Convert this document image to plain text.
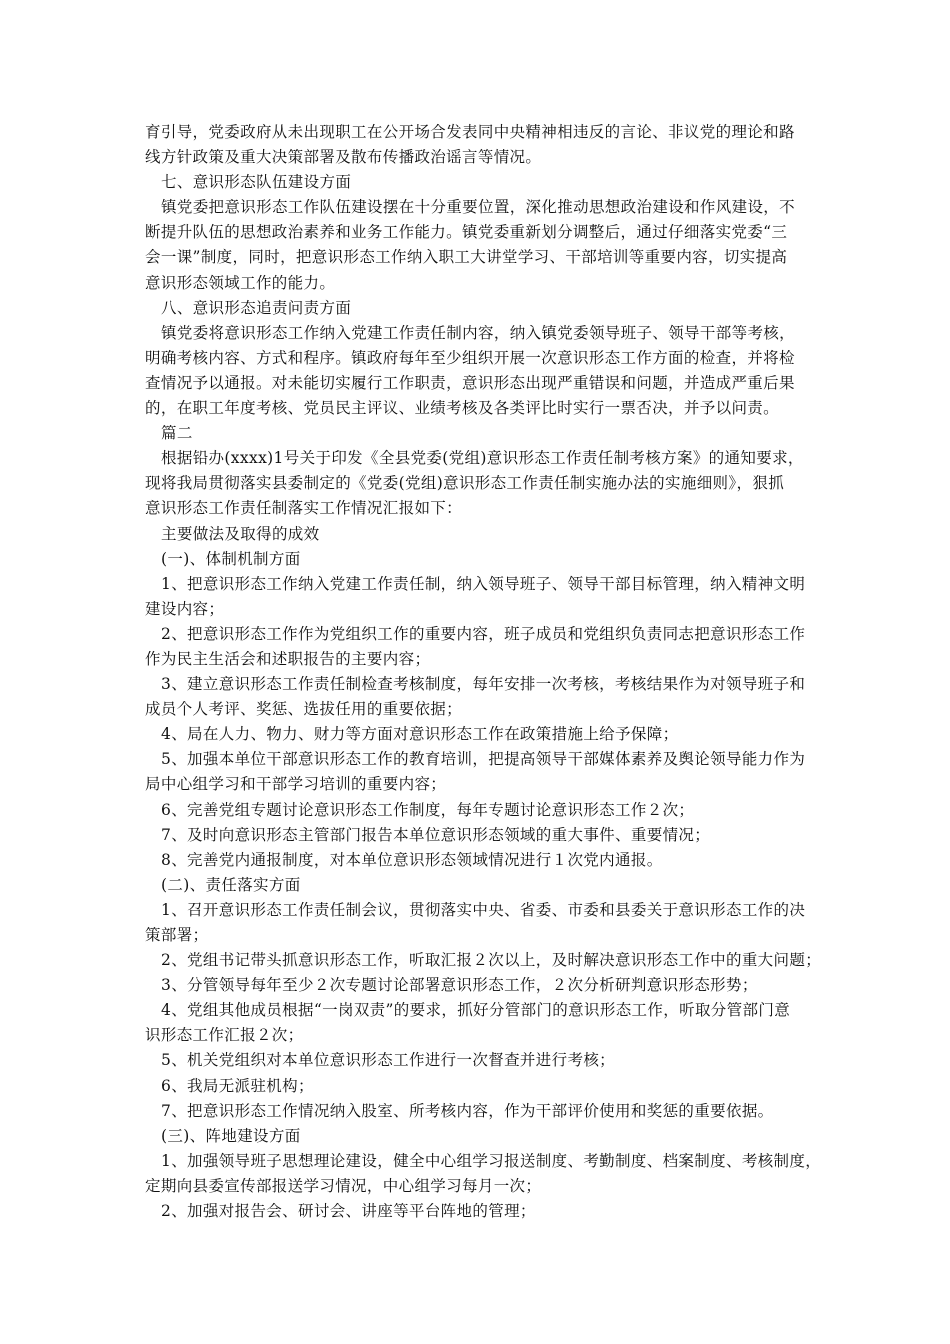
育引导，党委政府从未出现职工在公开场合发表同中央精神相违反的言论、非议党的理论和路
线方针政策及重大决策部署及散布传播政治谣言等情况。
七、意识形态队伍建设方面
镇党委把意识形态工作队伍建设摆在十分重要位置，深化推动思想政治建设和作风建设，不
断提升队伍的思想政治素养和业务工作能力。镇党委重新划分调整后，通过仔细落实党委“三
会一课”制度，同时，把意识形态工作纳入职工大讲堂学习、干部培训等重要内容，切实提高
意识形态领域工作的能力。
八、意识形态追责问责方面
镇党委将意识形态工作纳入党建工作责任制内容，纳入镇党委领导班子、领导干部等考核，
明确考核内容、方式和程序。镇政府每年至少组织开展一次意识形态工作方面的检查，并将检
查情况予以通报。对未能切实履行工作职责，意识形态出现严重错误和问题，并造成严重后果
的，在职工年度考核、党员民主评议、业绩考核及各类评比时实行一票否决，并予以问责。
篇二
根据铅办(xxxx)1号关于印发《全县党委(党组)意识形态工作责任制考核方案》的通知要求，
现将我局贯彻落实县委制定的《党委(党组)意识形态工作责任制实施办法的实施细则》，狠抓
意识形态工作责任制落实工作情况汇报如下：
主要做法及取得的成效
(一)、体制机制方面
1、把意识形态工作纳入党建工作责任制，纳入领导班子、领导干部目标管理，纳入精神文明
建设内容；
2、把意识形态工作作为党组织工作的重要内容，班子成员和党组织负责同志把意识形态工作
作为民主生活会和述职报告的主要内容；
3、建立意识形态工作责任制检查考核制度，每年安排一次考核，考核结果作为对领导班子和
成员个人考评、奖惩、选拔任用的重要依据；
4、局在人力、物力、财力等方面对意识形态工作在政策措施上给予保障；
5、加强本单位干部意识形态工作的教育培训，把提高领导干部媒体素养及舆论领导能力作为
局中心组学习和干部学习培训的重要内容；
6、完善党组专题讨论意识形态工作制度，每年专题讨论意识形态工作２次；
7、及时向意识形态主管部门报告本单位意识形态领域的重大事件、重要情况；
8、完善党内通报制度，对本单位意识形态领域情况进行１次党内通报。
(二)、责任落实方面
1、召开意识形态工作责任制会议，贯彻落实中央、省委、市委和县委关于意识形态工作的决
策部署；
2、党组书记带头抓意识形态工作，听取汇报２次以上，及时解决意识形态工作中的重大问题；
3、分管领导每年至少２次专题讨论部署意识形态工作，２次分析研判意识形态形势；
4、党组其他成员根据“一岗双责”的要求，抓好分管部门的意识形态工作，听取分管部门意
识形态工作汇报２次；
5、机关党组织对本单位意识形态工作进行一次督查并进行考核；
6、我局无派驻机构；
7、把意识形态工作情况纳入股室、所考核内容，作为干部评价使用和奖惩的重要依据。
(三)、阵地建设方面
1、加强领导班子思想理论建设，健全中心组学习报送制度、考勤制度、档案制度、考核制度，
定期向县委宣传部报送学习情况，中心组学习每月一次；
2、加强对报告会、研讨会、讲座等平台阵地的管理；
